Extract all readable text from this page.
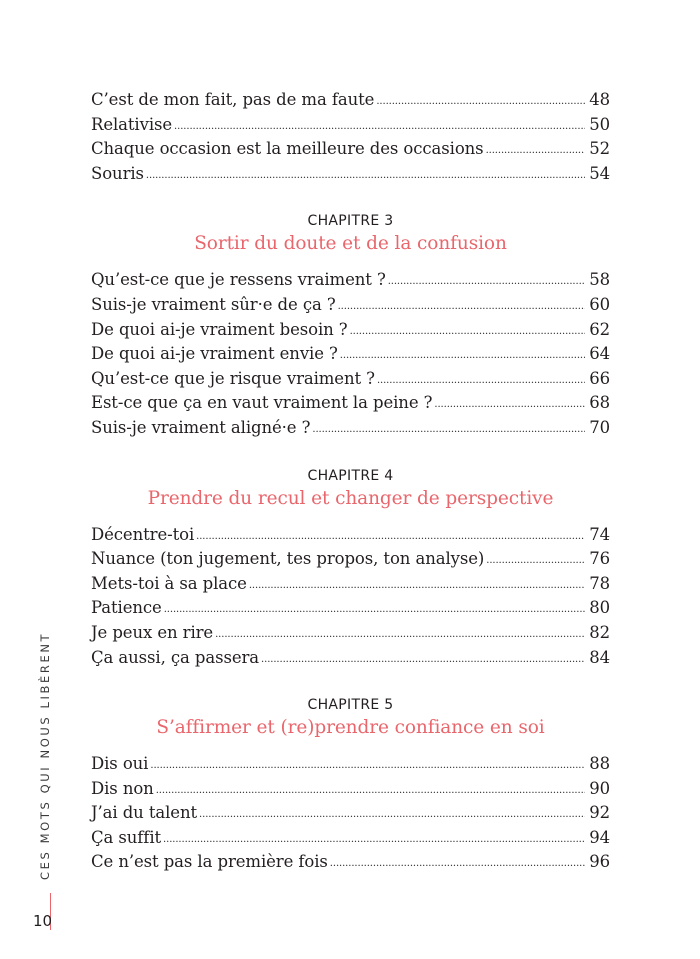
C’est de mon fait, pas de ma faute .....	48
Relativise .....	50
Chaque occasion est la meilleure des occasions .....	52
Souris .....	54
CHAPITRE 3
Sortir du doute et de la confusion
Qu’est-ce que je ressens vraiment ? .....	58
Suis-je vraiment sûr·e de ça ? .....	60
De quoi ai-je vraiment besoin ? .....	62
De quoi ai-je vraiment envie ? .....	64
Qu’est-ce que je risque vraiment ? .....	66
Est-ce que ça en vaut vraiment la peine ? .....	68
Suis-je vraiment aligné·e ? .....	70
CHAPITRE 4
Prendre du recul et changer de perspective
Décentre-toi .....	74
Nuance (ton jugement, tes propos, ton analyse) .....	76
Mets-toi à sa place .....	78
Patience .....	80
Je peux en rire .....	82
Ça aussi, ça passera .....	84
CHAPITRE 5
S’affirmer et (re)prendre confiance en soi
Dis oui .....	88
Dis non .....	90
J’ai du talent .....	92
Ça suffit .....	94
Ce n’est pas la première fois .....	96
CES MOTS QUI NOUS LIBÈRENT
10
